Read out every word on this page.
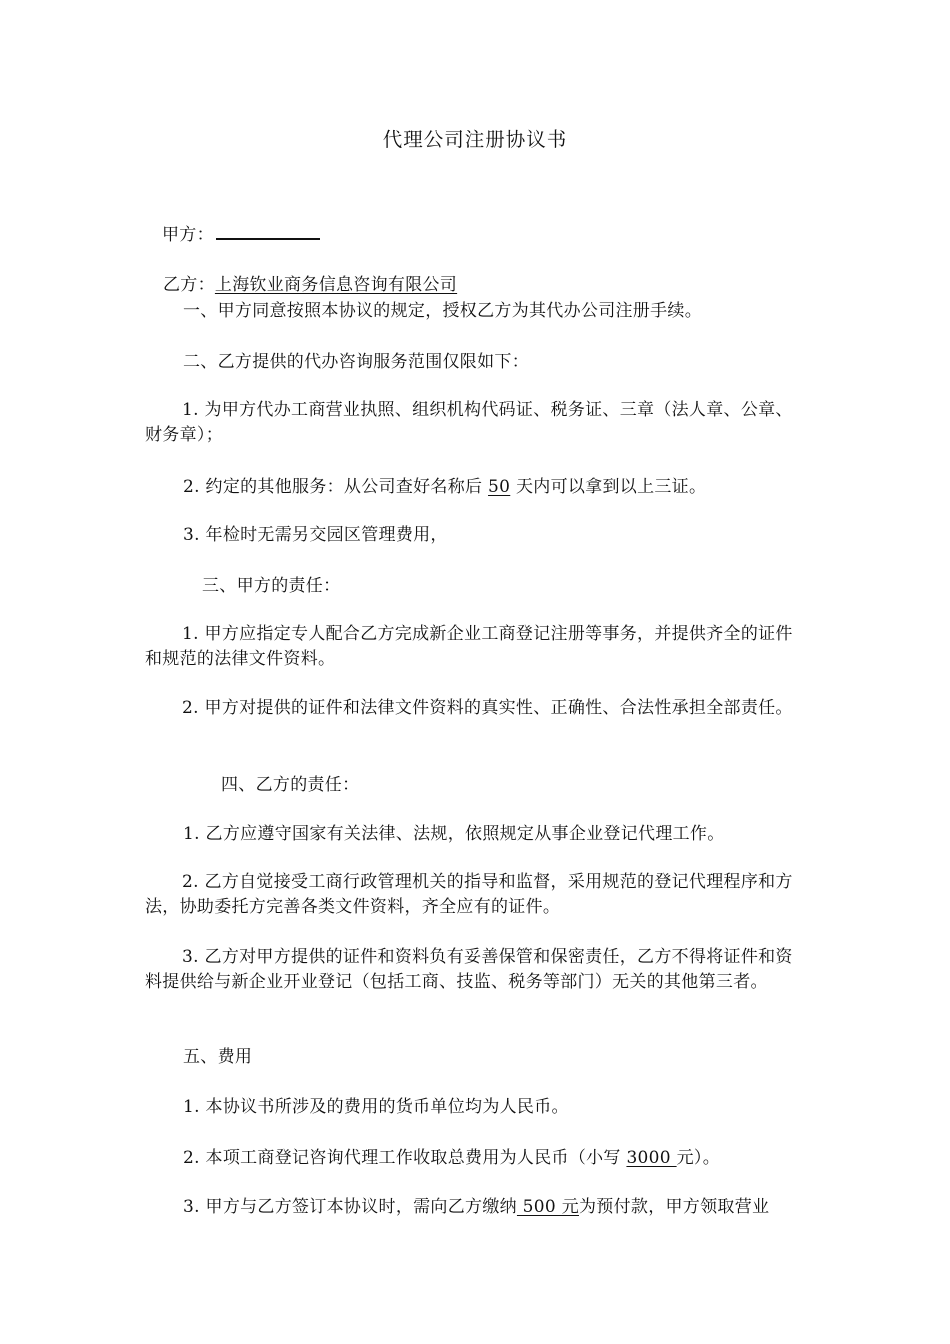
代理公司注册协议书
甲方：
乙方：上海钦业商务信息咨询有限公司
一、甲方同意按照本协议的规定，授权乙方为其代办公司注册手续。
二、乙方提供的代办咨询服务范围仅限如下：
1. 为甲方代办工商营业执照、组织机构代码证、税务证、三章（法人章、公章、财务章）；
2. 约定的其他服务：从公司查好名称后 50 天内可以拿到以上三证。
3. 年检时无需另交园区管理费用，
三、甲方的责任：
1. 甲方应指定专人配合乙方完成新企业工商登记注册等事务，并提供齐全的证件和规范的法律文件资料。
2. 甲方对提供的证件和法律文件资料的真实性、正确性、合法性承担全部责任。
四、乙方的责任：
1. 乙方应遵守国家有关法律、法规，依照规定从事企业登记代理工作。
2. 乙方自觉接受工商行政管理机关的指导和监督，采用规范的登记代理程序和方法，协助委托方完善各类文件资料，齐全应有的证件。
3. 乙方对甲方提供的证件和资料负有妥善保管和保密责任，乙方不得将证件和资料提供给与新企业开业登记（包括工商、技监、税务等部门）无关的其他第三者。
五、费用
1. 本协议书所涉及的费用的货币单位均为人民币。
2. 本项工商登记咨询代理工作收取总费用为人民币（小写 3000 元）。
3. 甲方与乙方签订本协议时，需向乙方缴纳 500 元为预付款，甲方领取营业
